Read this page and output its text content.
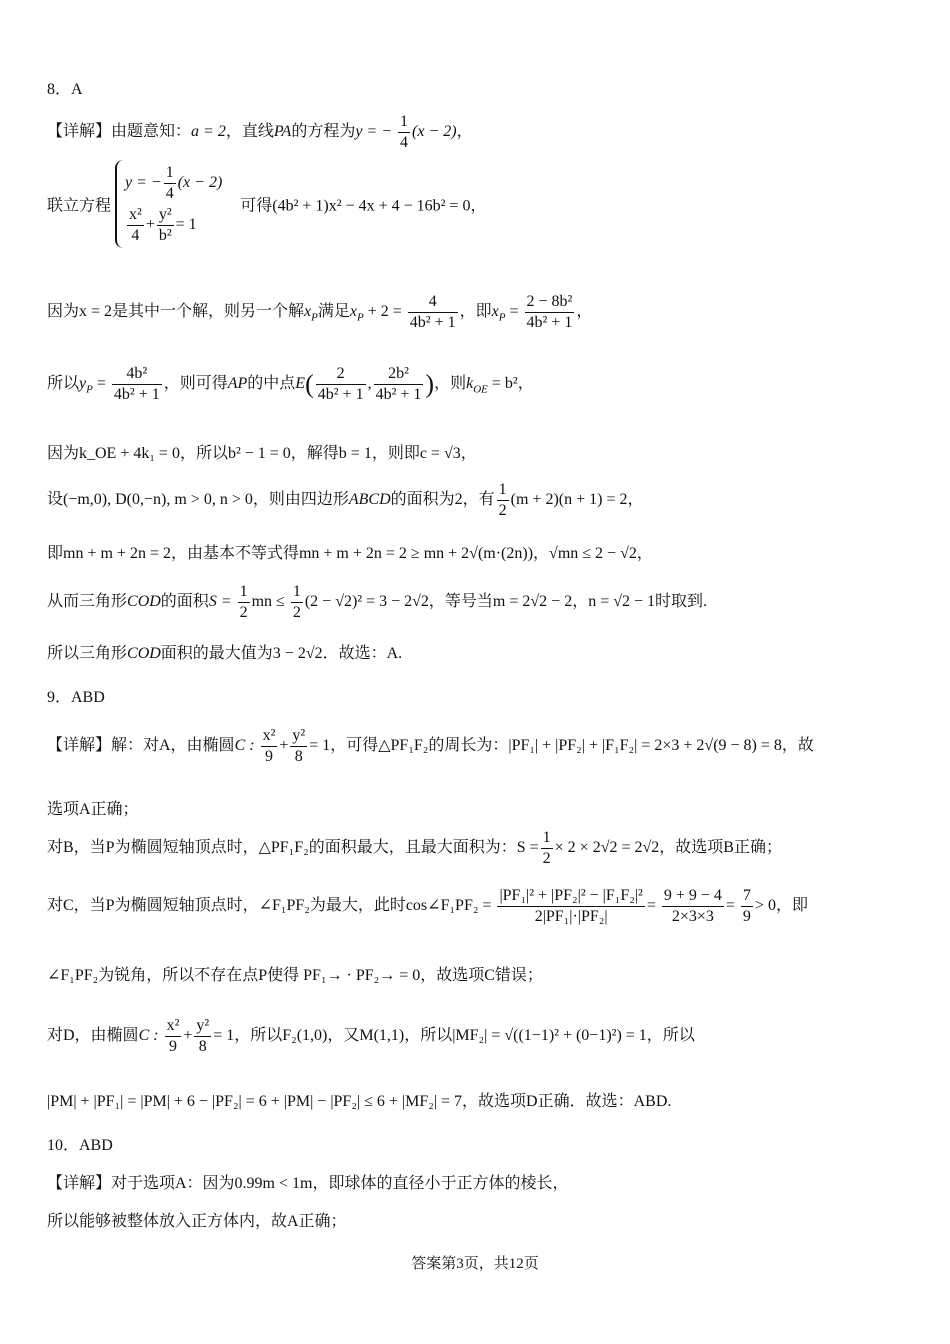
8．A
【详解】由题意知：a = 2，直线PA的方程为y = − $\frac{1}{4} (x - 2)$，
联立方程
y = − $\frac{1}{4} (x - 2)$
$\frac{\text{x²}}{4} + \frac{\text{y²}}{\text{b²}} = 1$
可得(4b² + 1)x² − 4x + 4 − 16b² = 0，
因为x = 2是其中一个解，则另一个解$x_P$满足$x_P + 2 = \frac{4}{\text{4b² + 1}}$ ，即$x_P = \frac{\text{2 − 8b²}}{\text{4b² + 1}}$ ，
所以$y_P = \frac{\text{4b²}}{\text{4b² + 1}}$ ，则可得AP的中点$E( \frac{2}{\text{4b² + 1}}$ , $\frac{\text{2b²}}{\text{4b² + 1}}$ )，则$k_{OE} = b^2$，
因为k_OE + 4k₁ = 0，所以b² − 1 = 0，解得b = 1，则即c = √3，
设(−m,0), D(0,−n), m > 0, n > 0，则由四边形ABCD的面积为2，有 $\frac{1}{2} (m + 2)(n + 1) = 2$，
即mn + m + 2n = 2，由基本不等式得mn + m + 2n = 2 ≥ mn + 2√(m·(2n))，√mn ≤ 2 − √2，
从而三角形COD的面积$S = \frac{1}{2}$ mn ≤ $\frac{1}{2} (2 - √2)^2 = 3 - 2√2$，等号当m = 2√2 − 2，n = √2 − 1时取到.
所以三角形COD面积的最大值为3 − 2√2．故选：A.
9．ABD
【详解】解：对A，由椭圆C : $\frac{\text{x²}}{9} + \frac{\text{y²}}{8} = 1$，可得△PF₁F₂的周长为：|PF₁| + |PF₂| + |F₁F₂| = 2×3 + 2√(9 − 8) = 8，故
选项A正确；
对B，当P为椭圆短轴顶点时，△PF₁F₂的面积最大，且最大面积为：$S = \frac{1}{2} \times 2 \times 2√2 = 2√2$，故选项B正确；
对C，当P为椭圆短轴顶点时，∠F₁PF₂为最大，此时cos∠F₁PF₂ = $\frac{\text{|PF₁|² + |PF₂|² − |F₁F₂|²}}{\text{2|PF₁|·|PF₂|}} = \frac{9 + 9 - 4}{2\times 3\times 3} = \frac{7}{9} > 0$，即
∠F₁PF₂为锐角，所以不存在点P使得 PF₁→ · PF₂→ = 0，故选项C错误；
对D，由椭圆C : $\frac{\text{x²}}{9} + \frac{\text{y²}}{8} = 1$，所以F₂(1,0)，又M(1,1)，所以|MF₂| = √((1−1)² + (0−1)²) = 1，所以
|PM| + |PF₁| = |PM| + 6 − |PF₂| = 6 + |PM| − |PF₂| ≤ 6 + |MF₂| = 7，故选项D正确．故选：ABD.
10．ABD
【详解】对于选项A：因为0.99m < 1m，即球体的直径小于正方体的棱长，
所以能够被整体放入正方体内，故A正确；
答案第3页，共12页
